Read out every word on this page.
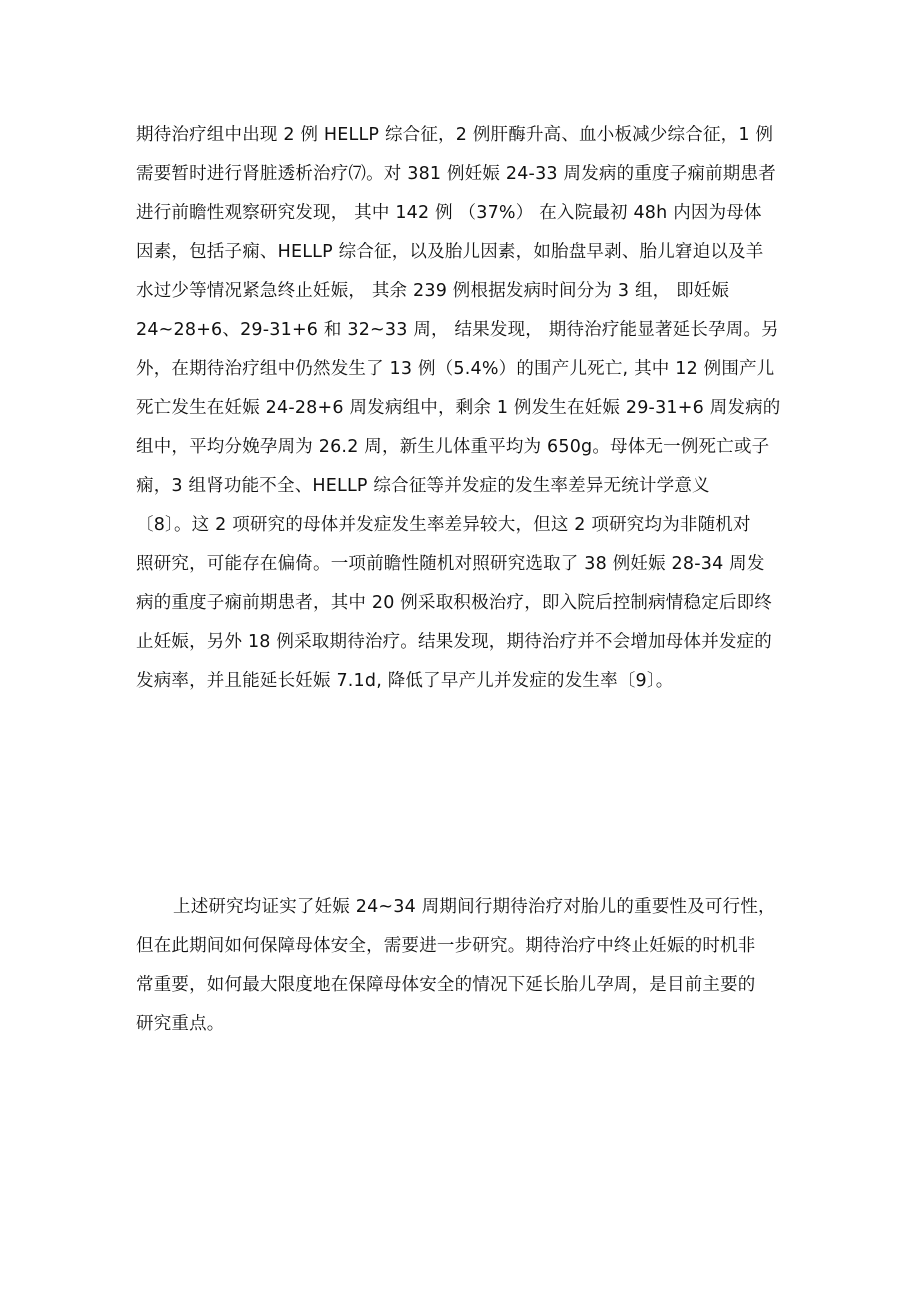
期待治疗组中出现 2 例 HELLP 综合征，2 例肝酶升高、血小板减少综合征，1 例
需要暂时进行肾脏透析治疗⑺。对 381 例妊娠 24-33 周发病的重度子痫前期患者
进行前瞻性观察研究发现， 其中 142 例 （37%） 在入院最初 48h 内因为母体
因素，包括子痫、HELLP 综合征，以及胎儿因素，如胎盘早剥、胎儿窘迫以及羊
水过少等情况紧急终止妊娠， 其余 239 例根据发病时间分为 3 组， 即妊娠
24~28+6、29-31+6 和 32~33 周， 结果发现， 期待治疗能显著延长孕周。另
外，在期待治疗组中仍然发生了 13 例（5.4%）的围产儿死亡, 其中 12 例围产儿
死亡发生在妊娠 24-28+6 周发病组中，剩余 1 例发生在妊娠 29-31+6 周发病的
组中，平均分娩孕周为 26.2 周，新生儿体重平均为 650g。母体无一例死亡或子
痫，3 组肾功能不全、HELLP 综合征等并发症的发生率差异无统计学意义
〔8〕。这 2 项研究的母体并发症发生率差异较大，但这 2 项研究均为非随机对
照研究，可能存在偏倚。一项前瞻性随机对照研究选取了 38 例妊娠 28-34 周发
病的重度子痫前期患者，其中 20 例采取积极治疗，即入院后控制病情稳定后即终
止妊娠，另外 18 例采取期待治疗。结果发现，期待治疗并不会增加母体并发症的
发病率，并且能延长妊娠 7.1d, 降低了早产儿并发症的发生率〔9〕。
上述研究均证实了妊娠 24~34 周期间行期待治疗对胎儿的重要性及可行性，
但在此期间如何保障母体安全，需要进一步研究。期待治疗中终止妊娠的时机非
常重要，如何最大限度地在保障母体安全的情况下延长胎儿孕周，是目前主要的
研究重点。
